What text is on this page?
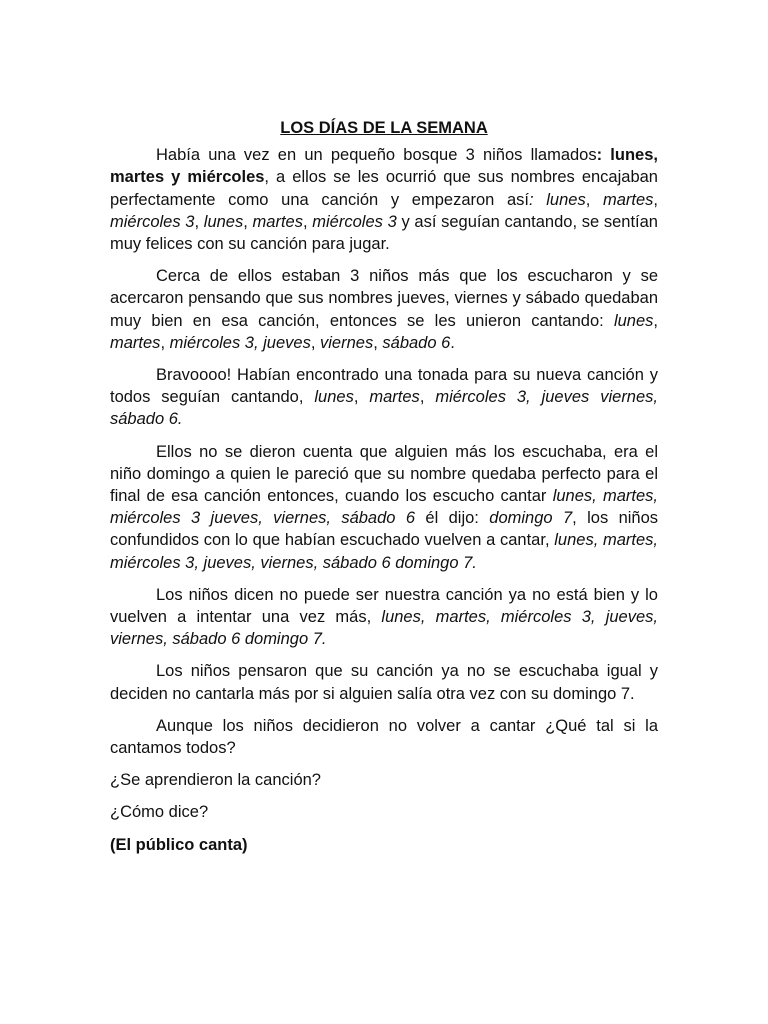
LOS DÍAS DE LA SEMANA

Había una vez en un pequeño bosque 3 niños llamados: lunes, martes y miércoles, a ellos se les ocurrió que sus nombres encajaban perfectamente como una canción y empezaron así: lunes, martes, miércoles 3, lunes, martes, miércoles 3 y así seguían cantando, se sentían muy felices con su canción para jugar.

Cerca de ellos estaban 3 niños más que los escucharon y se acercaron pensando que sus nombres jueves, viernes y sábado quedaban muy bien en esa canción, entonces se les unieron cantando: lunes, martes, miércoles 3, jueves, viernes, sábado 6.

Bravoooo! Habían encontrado una tonada para su nueva canción y todos seguían cantando, lunes, martes, miércoles 3, jueves viernes, sábado 6.

Ellos no se dieron cuenta que alguien más los escuchaba, era el niño domingo a quien le pareció que su nombre quedaba perfecto para el final de esa canción entonces, cuando los escucho cantar lunes, martes, miércoles 3 jueves, viernes, sábado 6 él dijo: domingo 7, los niños confundidos con lo que habían escuchado vuelven a cantar, lunes, martes, miércoles 3, jueves, viernes, sábado 6 domingo 7.

Los niños dicen no puede ser nuestra canción ya no está bien y lo vuelven a intentar una vez más, lunes, martes, miércoles 3, jueves, viernes, sábado 6 domingo 7.

Los niños pensaron que su canción ya no se escuchaba igual y deciden no cantarla más por si alguien salía otra vez con su domingo 7.

Aunque los niños decidieron no volver a cantar ¿Qué tal si la cantamos todos?

¿Se aprendieron la canción?
¿Cómo dice?
(El público canta)
